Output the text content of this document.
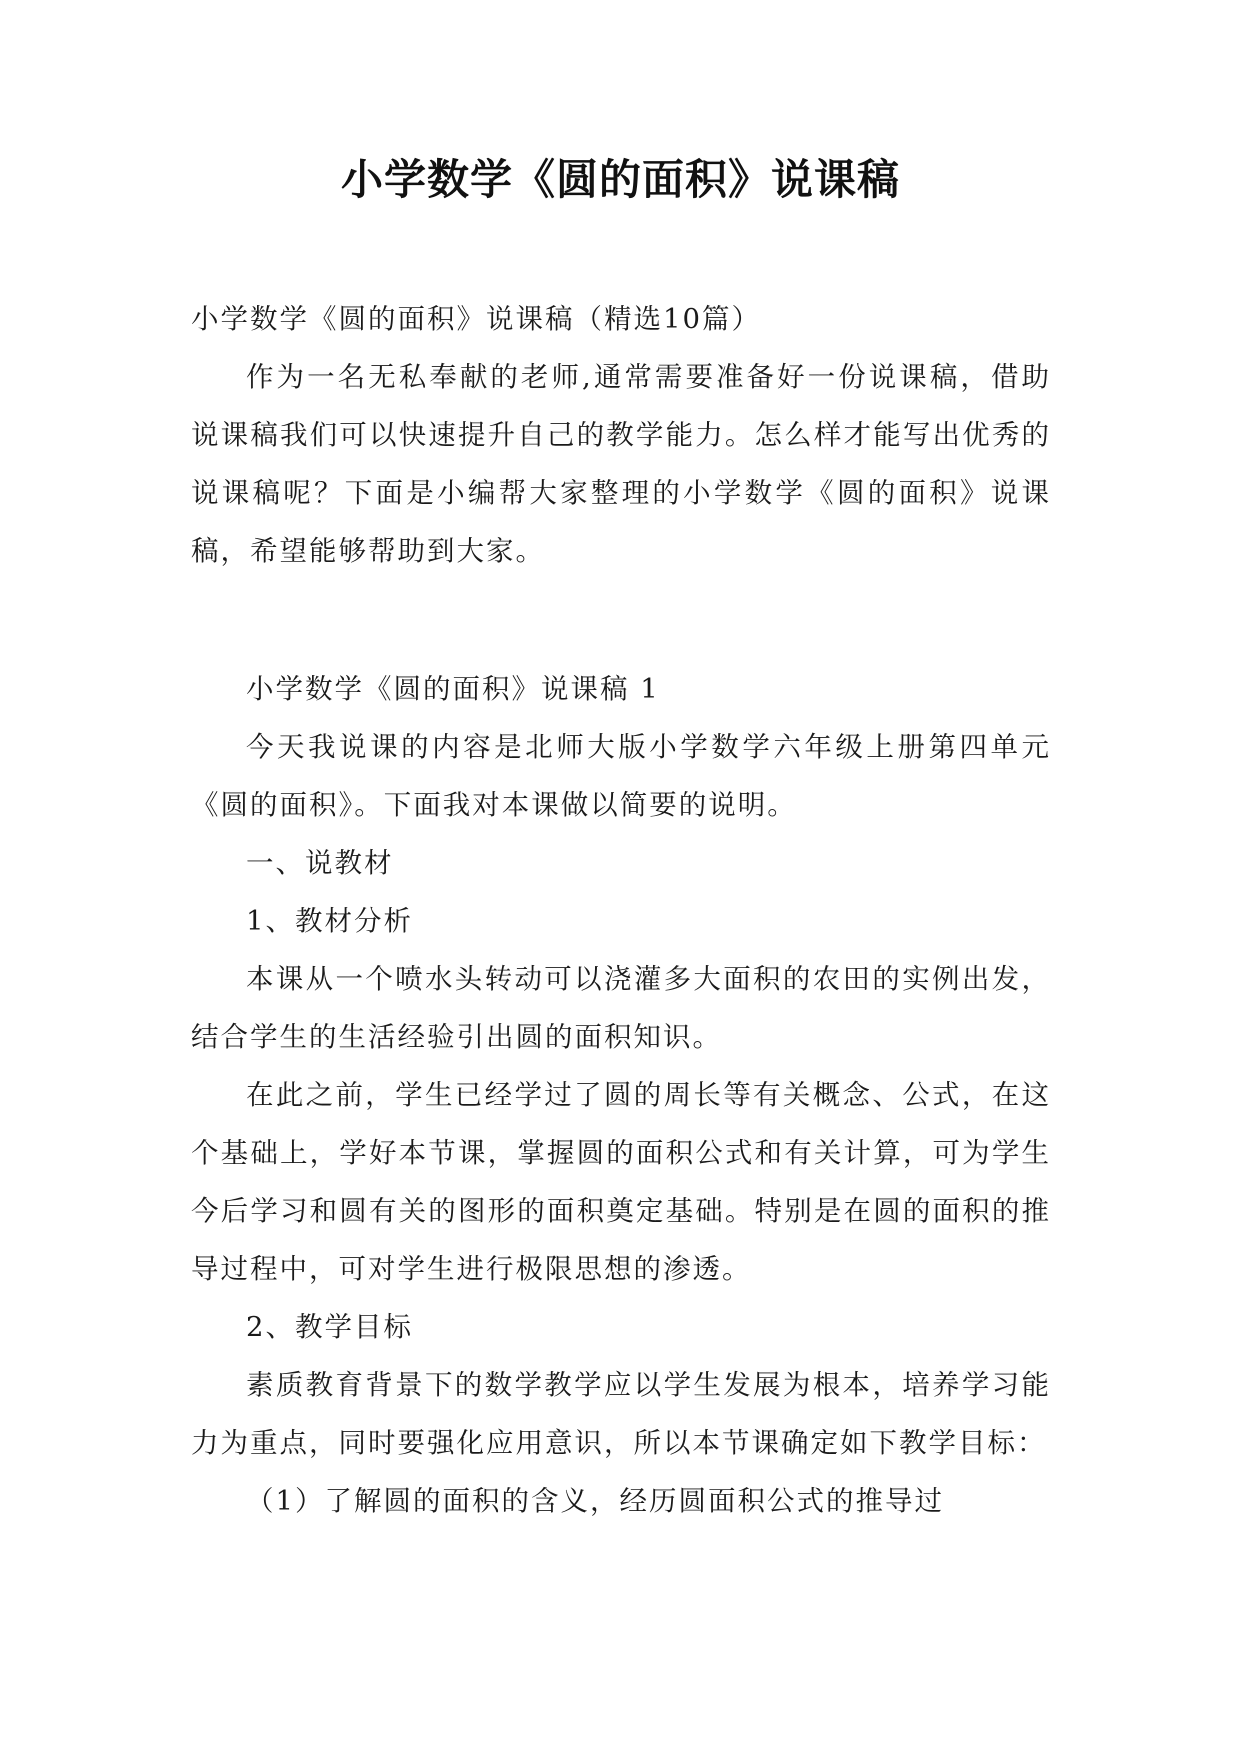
小学数学《圆的面积》说课稿

小学数学《圆的面积》说课稿（精选10篇）

作为一名无私奉献的老师,通常需要准备好一份说课稿，借助说课稿我们可以快速提升自己的教学能力。怎么样才能写出优秀的说课稿呢？下面是小编帮大家整理的小学数学《圆的面积》说课稿，希望能够帮助到大家。

小学数学《圆的面积》说课稿 1

今天我说课的内容是北师大版小学数学六年级上册第四单元《圆的面积》。下面我对本课做以简要的说明。

一、说教材

1、教材分析

本课从一个喷水头转动可以浇灌多大面积的农田的实例出发，结合学生的生活经验引出圆的面积知识。

在此之前，学生已经学过了圆的周长等有关概念、公式，在这个基础上，学好本节课，掌握圆的面积公式和有关计算，可为学生今后学习和圆有关的图形的面积奠定基础。特别是在圆的面积的推导过程中，可对学生进行极限思想的渗透。

2、教学目标

素质教育背景下的数学教学应以学生发展为根本，培养学习能力为重点，同时要强化应用意识，所以本节课确定如下教学目标：

（1）了解圆的面积的含义，经历圆面积公式的推导过
